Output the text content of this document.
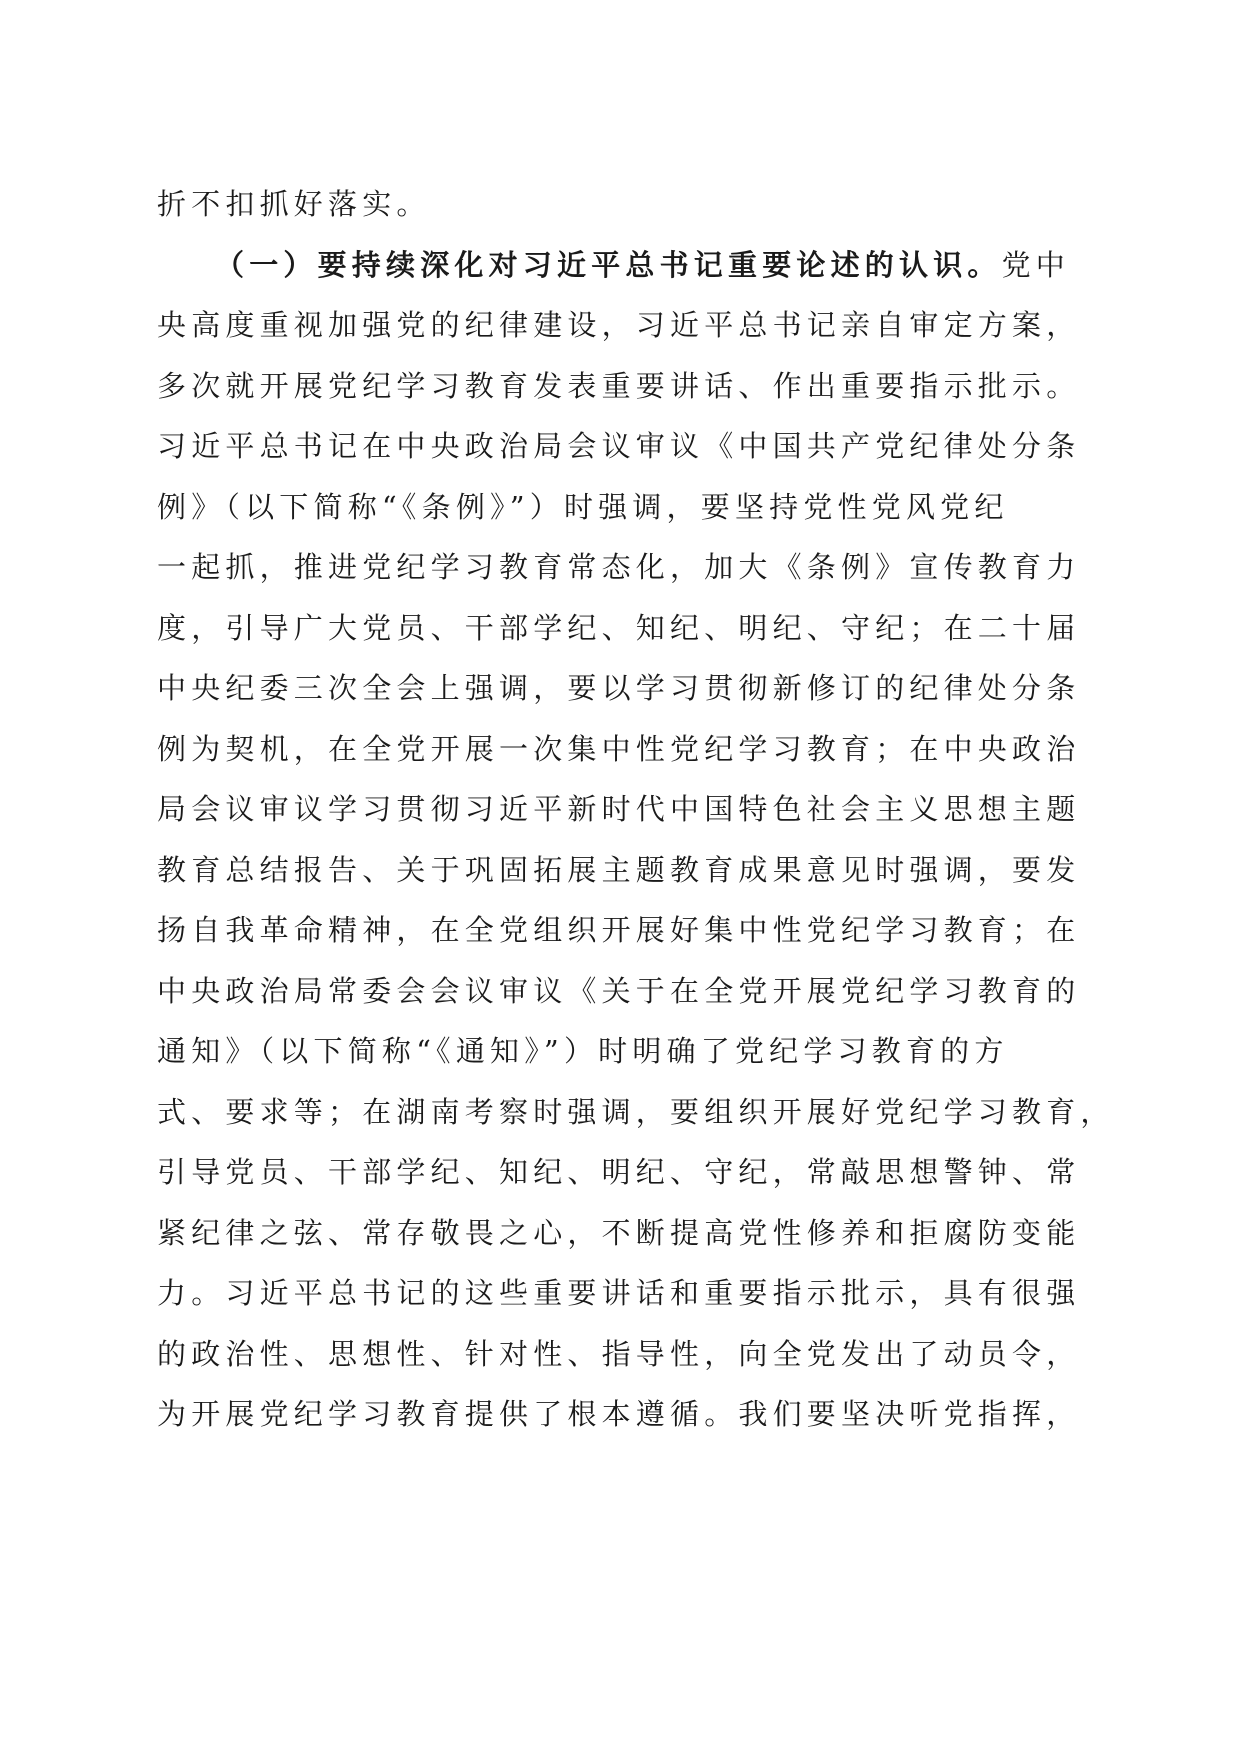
折不扣抓好落实。
（一）要持续深化对习近平总书记重要论述的认识。党中
央高度重视加强党的纪律建设，习近平总书记亲自审定方案，
多次就开展党纪学习教育发表重要讲话、作出重要指示批示。
习近平总书记在中央政治局会议审议《中国共产党纪律处分条
例》（以下简称“《条例》”）时强调，要坚持党性党风党纪
一起抓，推进党纪学习教育常态化，加大《条例》宣传教育力
度，引导广大党员、干部学纪、知纪、明纪、守纪；在二十届
中央纪委三次全会上强调，要以学习贯彻新修订的纪律处分条
例为契机，在全党开展一次集中性党纪学习教育；在中央政治
局会议审议学习贯彻习近平新时代中国特色社会主义思想主题
教育总结报告、关于巩固拓展主题教育成果意见时强调，要发
扬自我革命精神，在全党组织开展好集中性党纪学习教育；在
中央政治局常委会会议审议《关于在全党开展党纪学习教育的
通知》（以下简称“《通知》”）时明确了党纪学习教育的方
式、要求等；在湖南考察时强调，要组织开展好党纪学习教育，
引导党员、干部学纪、知纪、明纪、守纪，常敲思想警钟、常
紧纪律之弦、常存敬畏之心，不断提高党性修养和拒腐防变能
力。习近平总书记的这些重要讲话和重要指示批示，具有很强
的政治性、思想性、针对性、指导性，向全党发出了动员令，
为开展党纪学习教育提供了根本遵循。我们要坚决听党指挥，
